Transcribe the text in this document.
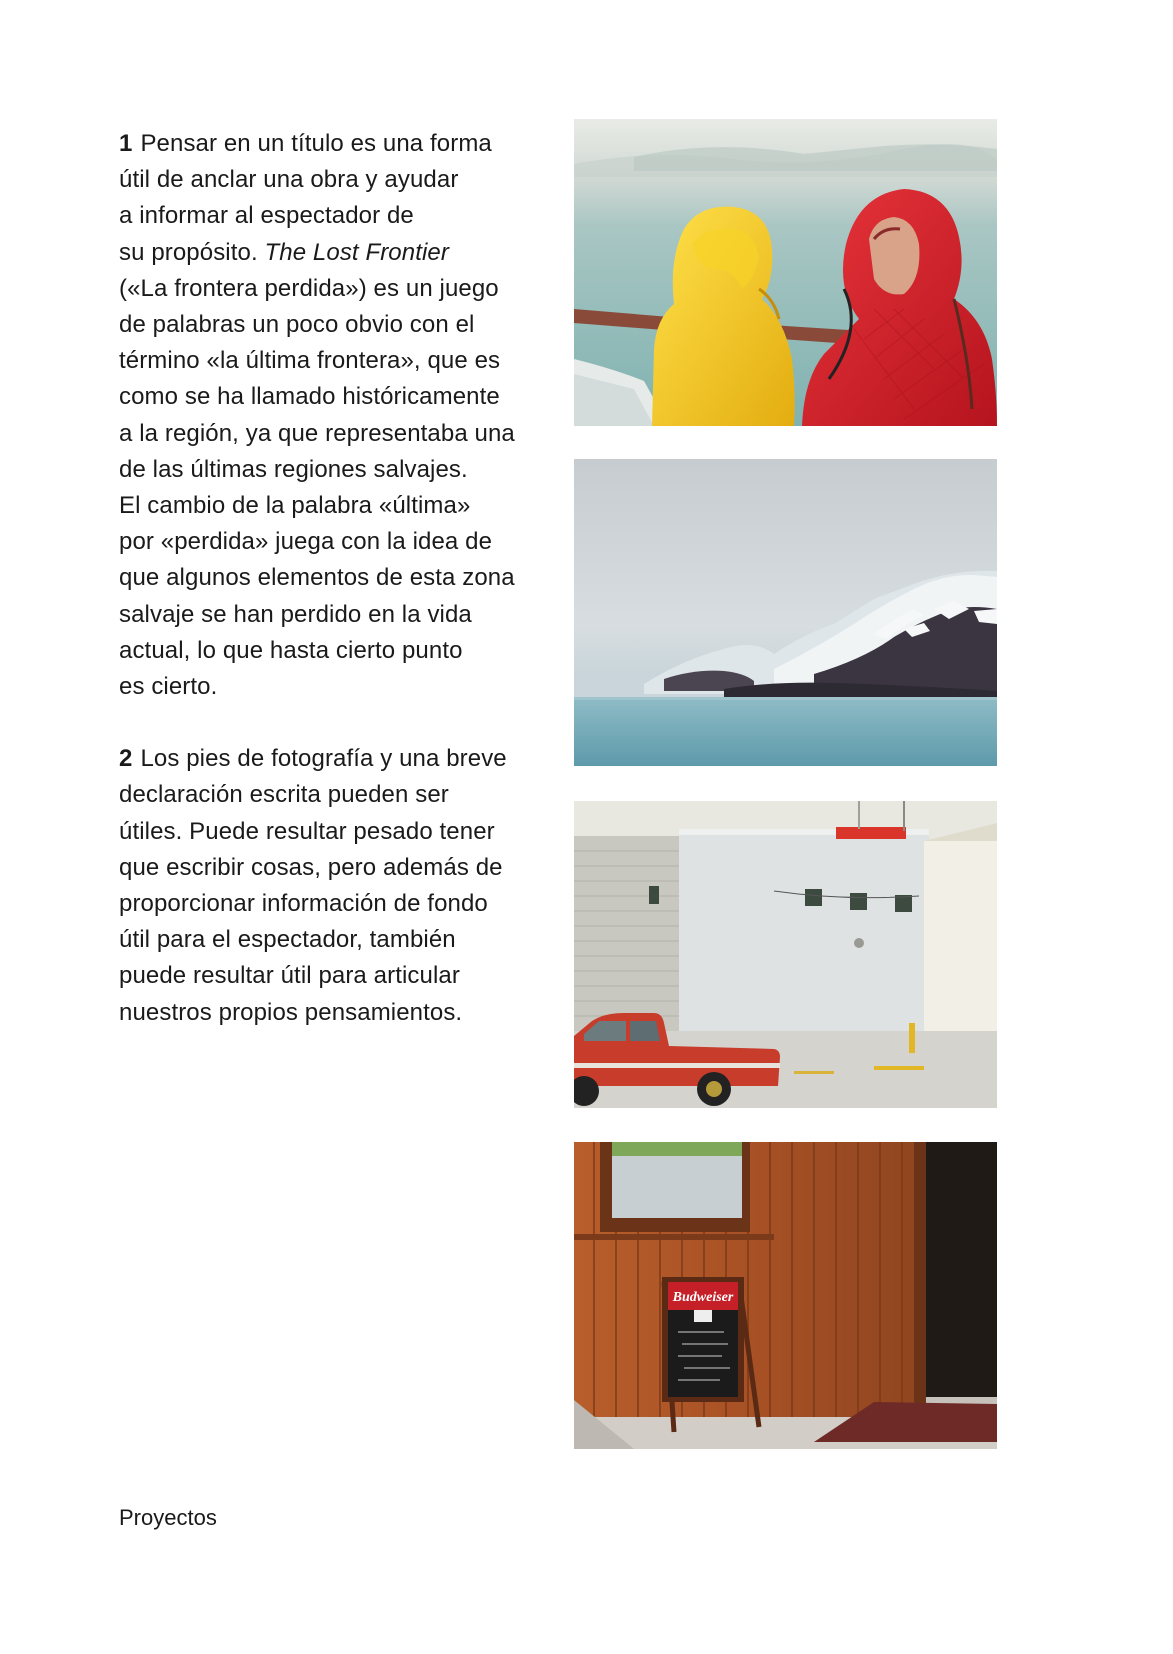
1 Pensar en un título es una forma
útil de anclar una obra y ayudar
a informar al espectador de
su propósito. The Lost Frontier
(«La frontera perdida») es un juego
de palabras un poco obvio con el
término «la última frontera», que es
como se ha llamado históricamente
a la región, ya que representaba una
de las últimas regiones salvajes.
El cambio de la palabra «última»
por «perdida» juega con la idea de
que algunos elementos de esta zona
salvaje se han perdido en la vida
actual, lo que hasta cierto punto
es cierto.

2 Los pies de fotografía y una breve
declaración escrita pueden ser
útiles. Puede resultar pesado tener
que escribir cosas, pero además de
proporcionar información de fondo
útil para el espectador, también
puede resultar útil para articular
nuestros propios pensamientos.

Proyectos
Budweiser
